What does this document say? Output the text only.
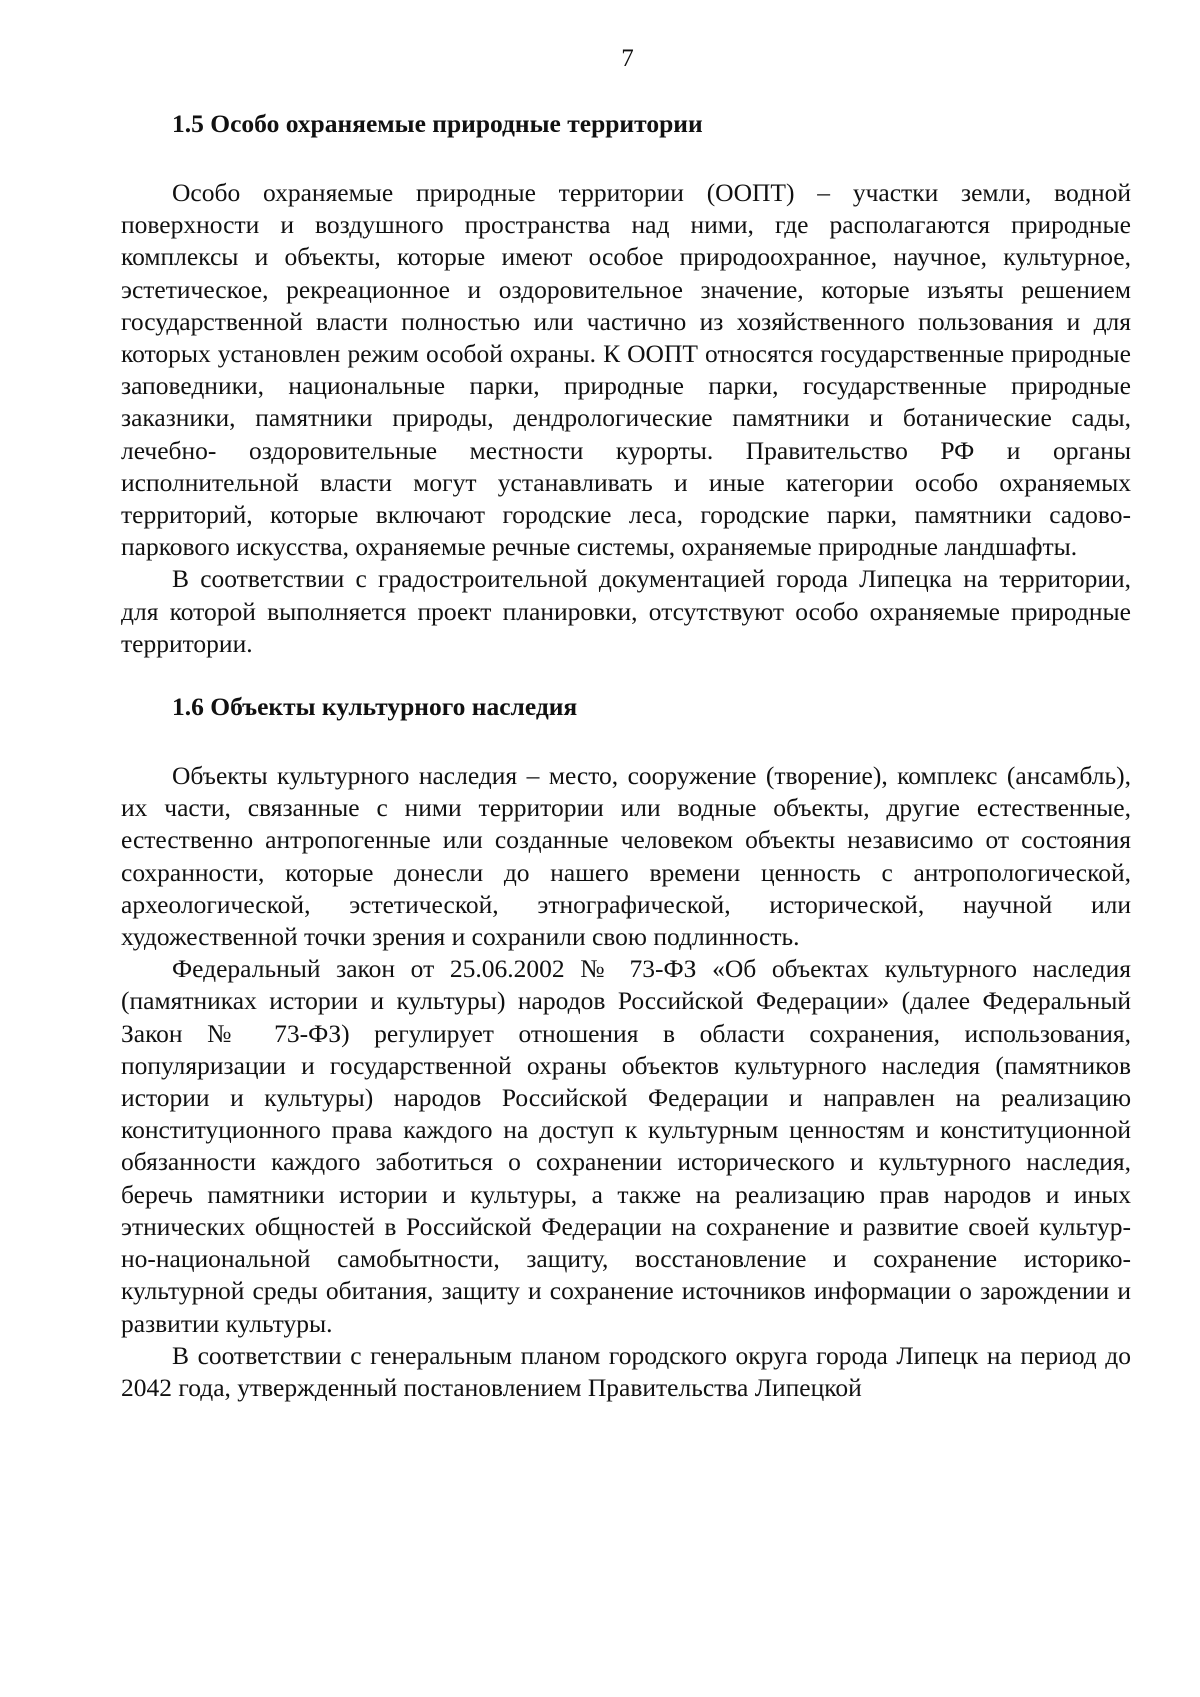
7
1.5 Особо охраняемые природные территории

Особо охраняемые природные территории (ООПТ) – участки земли, водной поверхности и воздушного пространства над ними, где располагаются природные комплексы и объекты, которые имеют особое природоохранное, научное, культурное, эстетическое, рекреационное и оздоровительное значение, которые изъяты решением государственной власти полностью или частично из хозяйственного пользования и для которых установлен режим особой охраны. К ООПТ относятся государственные природные заповедники, национальные парки, природные парки, государственные природные заказники, памятники природы, дендрологические памятники и ботанические сады, лечебно- оздоровительные местности курорты. Правительство РФ и органы исполнительной власти могут устанавливать и иные категории особо охраняемых территорий, которые включают городские леса, городские парки, памятники садово-паркового искусства, охраняемые речные системы, охраняемые природные ландшафты.

В соответствии с градостроительной документацией города Липецка на территории, для которой выполняется проект планировки, отсутствуют особо охраняемые природные территории.

1.6 Объекты культурного наследия

Объекты культурного наследия – место, сооружение (творение), комплекс (ансамбль), их части, связанные с ними территории или водные объекты, другие естественные, естественно антропогенные или созданные человеком объекты независимо от состояния сохранности, которые донесли до нашего времени ценность с антропологической, археологической, эстетической, этнографической, исторической, научной или художественной точки зрения и сохранили свою подлинность.

Федеральный закон от 25.06.2002 № 73-ФЗ «Об объектах культурного наследия (памятниках истории и культуры) народов Российской Федерации» (далее Федеральный Закон № 73-ФЗ) регулирует отношения в области сохранения, использования, популяризации и государственной охраны объектов культурного наследия (памятников истории и культуры) народов Российской Федерации и направлен на реализацию конституционного права каждого на доступ к культурным ценностям и конституционной обязанности каждого заботиться о сохранении исторического и культурного наследия, беречь памятники истории и культуры, а также на реализацию прав народов и иных этнических общностей в Российской Федерации на сохранение и развитие своей культур-но-национальной самобытности, защиту, восстановление и сохранение историко-культурной среды обитания, защиту и сохранение источников информации о зарождении и развитии культуры.

В соответствии с генеральным планом городского округа города Липецк на период до 2042 года, утвержденный постановлением Правительства Липецкой
